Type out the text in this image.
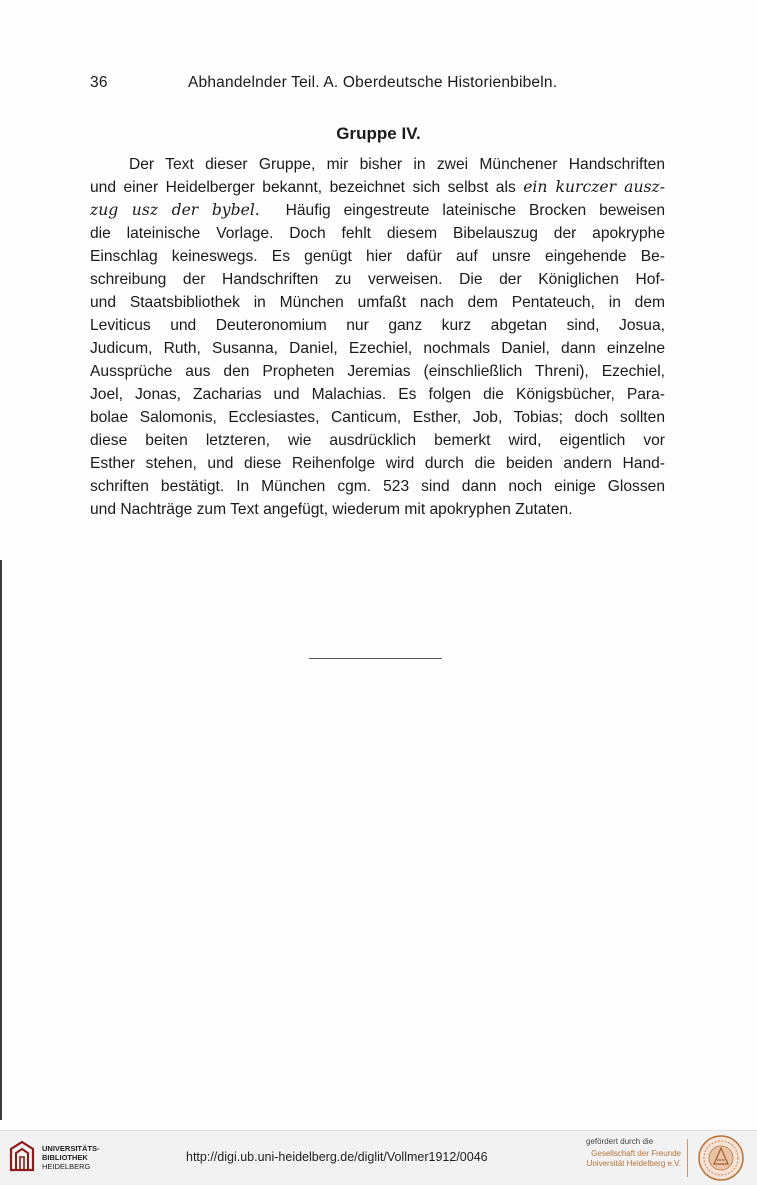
36	Abhandelnder Teil. A. Oberdeutsche Historienbibeln.
Gruppe IV.
Der Text dieser Gruppe, mir bisher in zwei Münchener Handschriften
und einer Heidelberger bekannt, bezeichnet sich selbst als ein kurczer ausz-
zug usz der bybel. Häufig eingestreute lateinische Brocken beweisen
die lateinische Vorlage. Doch fehlt diesem Bibelauszug der apokryphe
Einschlag keineswegs. Es genügt hier dafür auf unsre eingehende Be-
schreibung der Handschriften zu verweisen. Die der Königlichen Hof-
und Staatsbibliothek in München umfaßt nach dem Pentateuch, in dem
Leviticus und Deuteronomium nur ganz kurz abgetan sind, Josua,
Judicum, Ruth, Susanna, Daniel, Ezechiel, nochmals Daniel, dann einzelne
Aussprüche aus den Propheten Jeremias (einschließlich Threni), Ezechiel,
Joel, Jonas, Zacharias und Malachias. Es folgen die Königsbücher, Para-
bolae Salomonis, Ecclesiastes, Canticum, Esther, Job, Tobias; doch sollten
diese beiten letzteren, wie ausdrücklich bemerkt wird, eigentlich vor
Esther stehen, und diese Reihenfolge wird durch die beiden andern Hand-
schriften bestätigt. In München cgm. 523 sind dann noch einige Glossen
und Nachträge zum Text angefügt, wiederum mit apokryphen Zutaten.
UNIVERSITÄTS-
BIBLIOTHEK
HEIDELBERG
http://digi.ub.uni-heidelberg.de/diglit/Vollmer1912/0046
gefördert durch die
Gesellschaft der Freunde
Universität Heidelberg e.V.
